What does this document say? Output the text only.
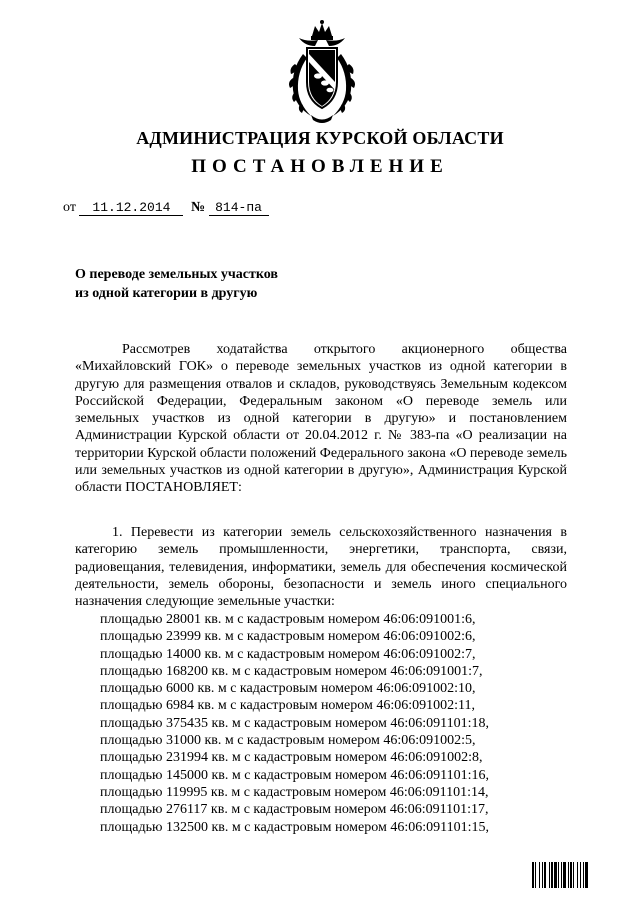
АДМИНИСТРАЦИЯ КУРСКОЙ ОБЛАСТИ
ПОСТАНОВЛЕНИЕ
от 11.12.2014 № 814-па
О переводе земельных участков
из одной категории в другую
Рассмотрев ходатайства открытого акционерного общества «Михайловский ГОК» о переводе земельных участков из одной категории в другую для размещения отвалов и складов, руководствуясь Земельным кодексом Российской Федерации, Федеральным законом «О переводе земель или земельных участков из одной категории в другую» и постановлением Администрации Курской области от 20.04.2012 г. № 383-па «О реализации на территории Курской области положений Федерального закона «О переводе земель или земельных участков из одной категории в другую», Администрация Курской области ПОСТАНОВЛЯЕТ:
1. Перевести из категории земель сельскохозяйственного назначения в категорию земель промышленности, энергетики, транспорта, связи, радиовещания, телевидения, информатики, земель для обеспечения космической деятельности, земель обороны, безопасности и земель иного специального назначения следующие земельные участки:
площадью 28001 кв. м с кадастровым номером 46:06:091001:6,
площадью 23999 кв. м с кадастровым номером 46:06:091002:6,
площадью 14000 кв. м с кадастровым номером 46:06:091002:7,
площадью 168200 кв. м с кадастровым номером 46:06:091001:7,
площадью 6000 кв. м с кадастровым номером 46:06:091002:10,
площадью 6984 кв. м с кадастровым номером 46:06:091002:11,
площадью 375435 кв. м с кадастровым номером 46:06:091101:18,
площадью 31000 кв. м с кадастровым номером 46:06:091002:5,
площадью 231994 кв. м с кадастровым номером 46:06:091002:8,
площадью 145000 кв. м с кадастровым номером 46:06:091101:16,
площадью 119995 кв. м с кадастровым номером 46:06:091101:14,
площадью 276117 кв. м с кадастровым номером 46:06:091101:17,
площадью 132500 кв. м с кадастровым номером 46:06:091101:15,
